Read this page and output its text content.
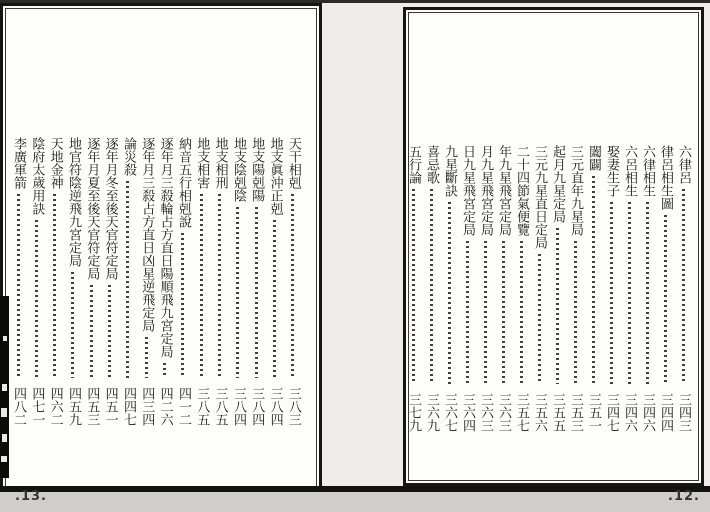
天干相剋
三八三
地支眞沖正剋
三八四
地支陽剋陽
三八四
地支陰剋陰
三八四
地支相刑
三八五
地支相害
三八五
納音五行相剋說
四一二
逐年月三殺輪占方直日陽順飛九宮定局
四二六
逐年月三殺占方直日凶星逆飛定局
四三四
論災殺
四四七
逐年月冬至後天官符定局
四五一
逐年月夏至後天官符定局
四五三
地官符陰逆飛九宮定局
四五九
天地金神
四六二
陰府太歲用訣
四七一
李廣軍箭
四八二
六律呂
三四三
律呂相生圖
三四四
六律相生
三四六
六呂相生
三四六
娶妻生子
三四七
闔闢
三五一
三元直年九星局
三五三
起月九星定局
三五五
三元九星直日定局
三五六
二十四節氣便覽
三五七
年九星飛宮定局
三六三
月九星飛宮定局
三六三
日九星飛宮定局
三六四
九星斷訣
三六七
喜忌歌
三六九
五行論
三七九
.13.	.12.
